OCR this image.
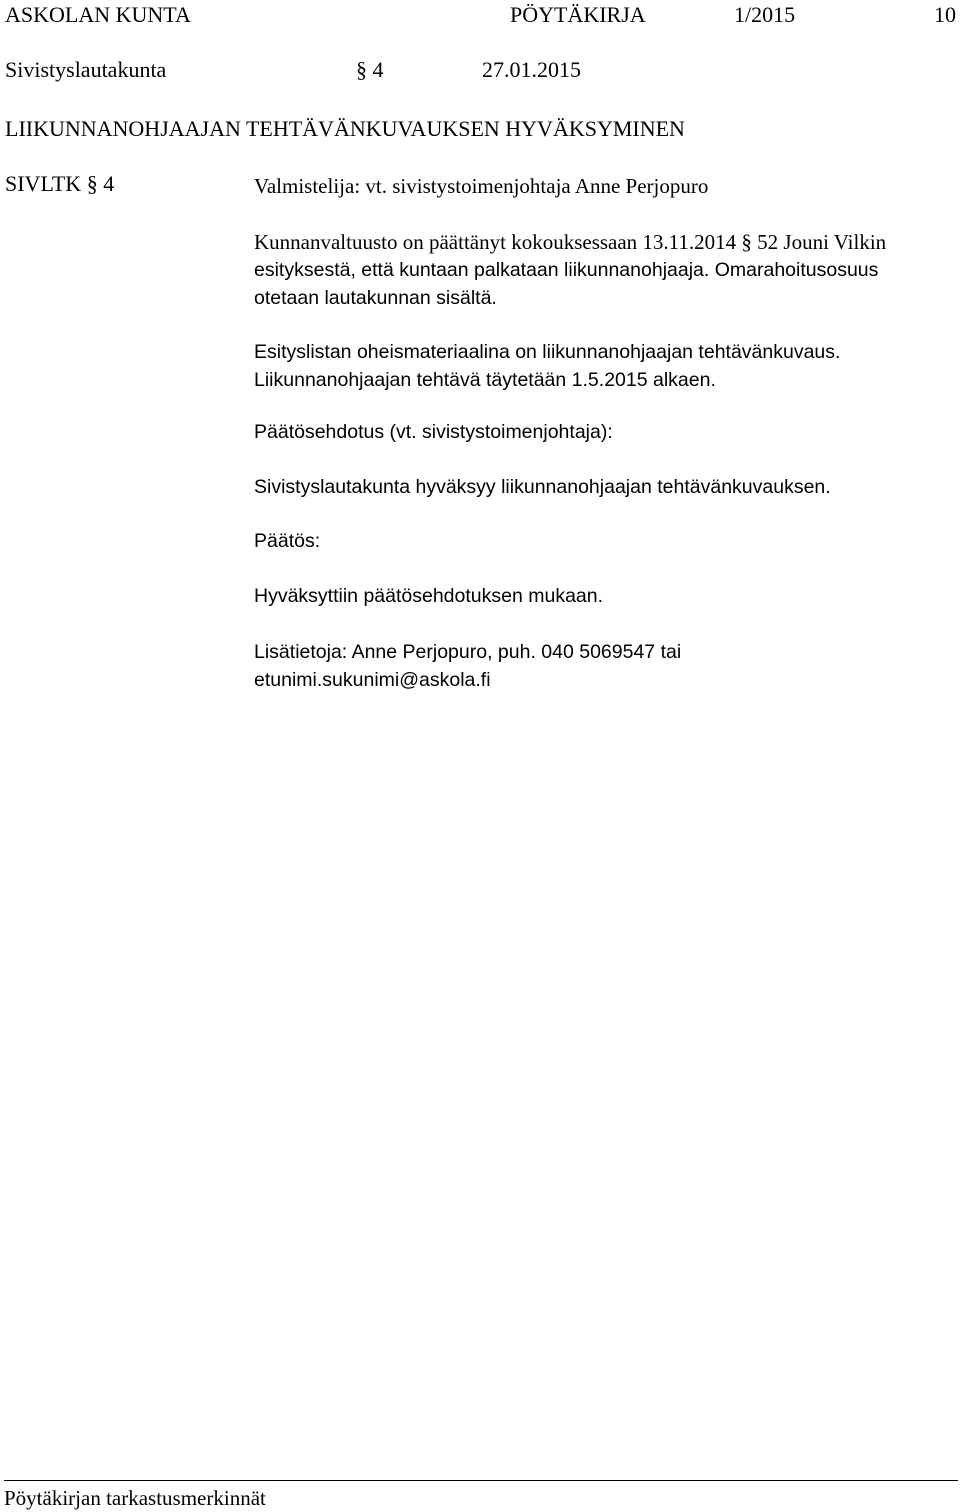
ASKOLAN KUNTA	PÖYTÄKIRJA	1/2015	10
Sivistyslautakunta	§ 4	27.01.2015
LIIKUNNANOHJAAJAN TEHTÄVÄNKUVAUKSEN HYVÄKSYMINEN
SIVLTK § 4	Valmistelija: vt. sivistystoimenjohtaja Anne Perjopuro

Kunnanvaltuusto on päättänyt kokouksessaan 13.11.2014 § 52 Jouni Vilkin

esityksestä, että kuntaan palkataan liikunnanohjaaja. Omarahoitusosuus

otetaan lautakunnan sisältä.

Esityslistan oheismateriaalina on liikunnanohjaajan tehtävänkuvaus.

Liikunnanohjaajan tehtävä täytetään 1.5.2015 alkaen.

Päätösehdotus (vt. sivistystoimenjohtaja):

Sivistyslautakunta hyväksyy liikunnanohjaajan tehtävänkuvauksen.

Päätös:

Hyväksyttiin päätösehdotuksen mukaan.

Lisätietoja: Anne Perjopuro, puh. 040 5069547 tai

etunimi.sukunimi@askola.fi

Pöytäkirjan tarkastusmerkinnät
